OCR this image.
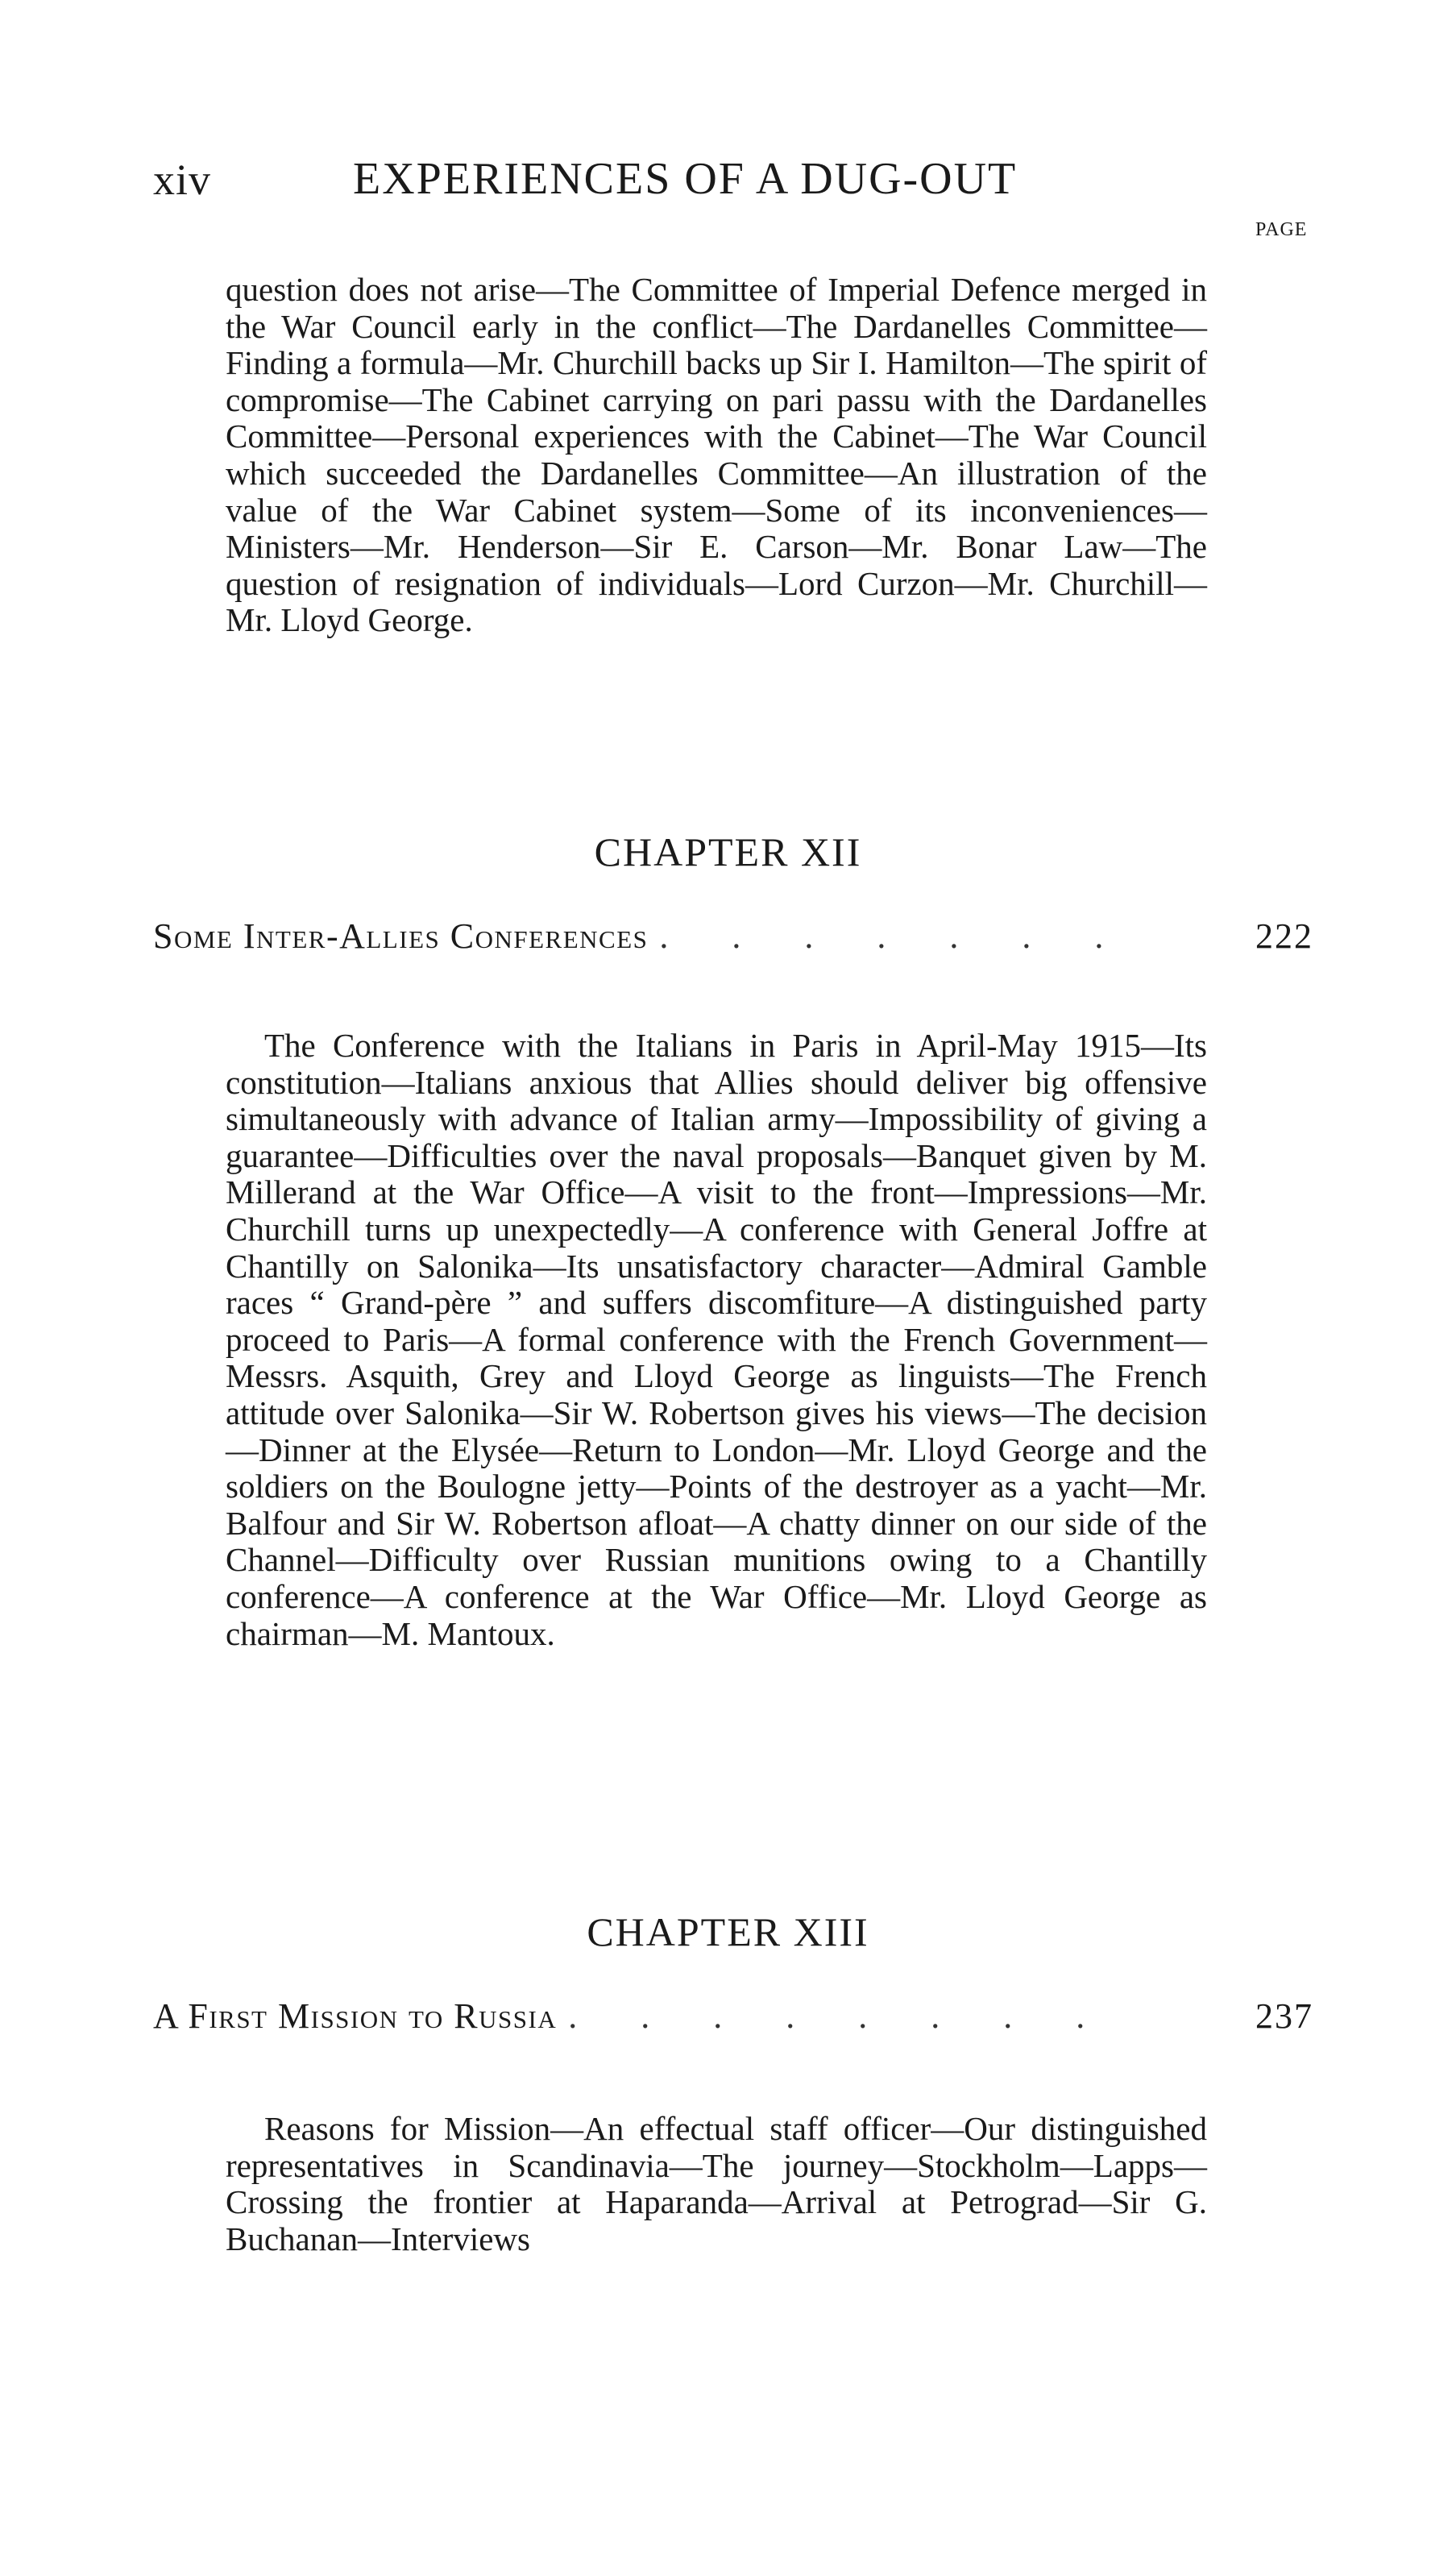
xiv	EXPERIENCES OF A DUG-OUT
PAGE

question does not arise—The Committee of Imperial Defence merged in the War Council early in the conflict—The Dardanelles Committee—Finding a formula—Mr. Churchill backs up Sir I. Hamilton—The spirit of compromise—The Cabinet carrying on pari passu with the Dardanelles Committee—Personal experiences with the Cabinet—The War Council which succeeded the Dardanelles Committee—An illustration of the value of the War Cabinet system—Some of its inconveniences—Ministers—Mr. Henderson—Sir E. Carson—Mr. Bonar Law—The question of resignation of individuals—Lord Curzon—Mr. Churchill—Mr. Lloyd George.

CHAPTER XII
Some Inter-Allies Conferences . . . . . . .	222

The Conference with the Italians in Paris in April-May 1915—Its constitution—Italians anxious that Allies should deliver big offensive simultaneously with advance of Italian army—Impossibility of giving a guarantee—Difficulties over the naval proposals—Banquet given by M. Millerand at the War Office—A visit to the front—Impressions—Mr. Churchill turns up unexpectedly—A conference with General Joffre at Chantilly on Salonika—Its unsatisfactory character—Admiral Gamble races “ Grand-père ” and suffers discomfiture—A distinguished party proceed to Paris—A formal conference with the French Government—Messrs. Asquith, Grey and Lloyd George as linguists—The French attitude over Salonika—Sir W. Robertson gives his views—The decision—Dinner at the Elysée—Return to London—Mr. Lloyd George and the soldiers on the Boulogne jetty—Points of the destroyer as a yacht—Mr. Balfour and Sir W. Robertson afloat—A chatty dinner on our side of the Channel—Difficulty over Russian munitions owing to a Chantilly conference—A conference at the War Office—Mr. Lloyd George as chairman—M. Mantoux.

CHAPTER XIII
A First Mission to Russia . . . . . . . .	237

Reasons for Mission—An effectual staff officer—Our distinguished representatives in Scandinavia—The journey—Stockholm—Lapps—Crossing the frontier at Haparanda—Arrival at Petrograd—Sir G. Buchanan—Interviews
